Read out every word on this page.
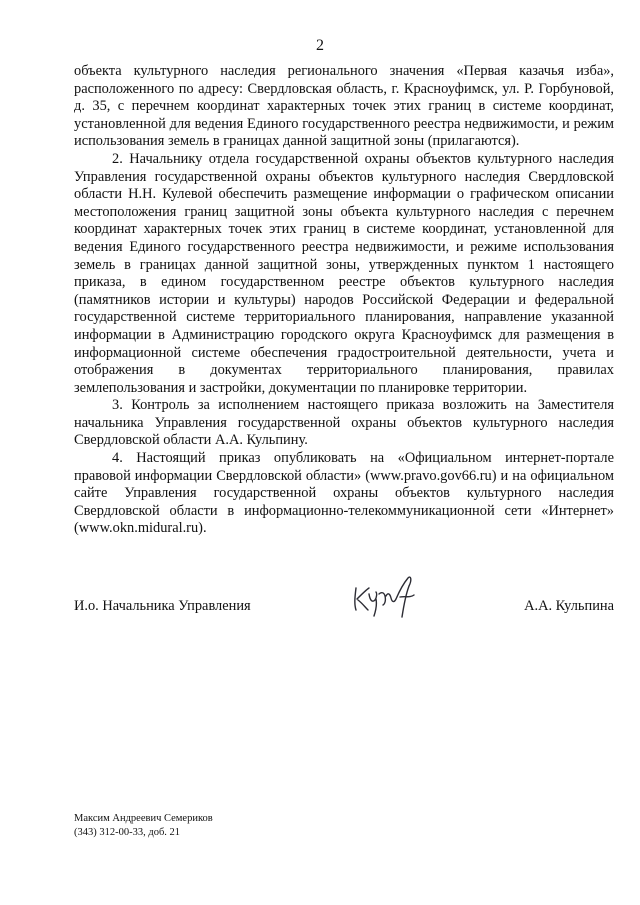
2

объекта культурного наследия регионального значения «Первая казачья изба», расположенного по адресу: Свердловская область, г. Красноуфимск, ул. Р. Горбуновой, д. 35, с перечнем координат характерных точек этих границ в системе координат, установленной для ведения Единого государственного реестра недвижимости, и режим использования земель в границах данной защитной зоны (прилагаются).

2. Начальнику отдела государственной охраны объектов культурного наследия Управления государственной охраны объектов культурного наследия Свердловской области Н.Н. Кулевой обеспечить размещение информации о графическом описании местоположения границ защитной зоны объекта культурного наследия с перечнем координат характерных точек этих границ в системе координат, установленной для ведения Единого государственного реестра недвижимости, и режиме использования земель в границах данной защитной зоны, утвержденных пунктом 1 настоящего приказа, в едином государственном реестре объектов культурного наследия (памятников истории и культуры) народов Российской Федерации и федеральной государственной системе территориального планирования, направление указанной информации в Администрацию городского округа Красноуфимск для размещения в информационной системе обеспечения градостроительной деятельности, учета и отображения в документах территориального планирования, правилах землепользования и застройки, документации по планировке территории.

3. Контроль за исполнением настоящего приказа возложить на Заместителя начальника Управления государственной охраны объектов культурного наследия Свердловской области А.А. Кульпину.

4. Настоящий приказ опубликовать на «Официальном интернет-портале правовой информации Свердловской области» (www.pravo.gov66.ru) и на официальном сайте Управления государственной охраны объектов культурного наследия Свердловской области в информационно-телекоммуникационной сети «Интернет» (www.okn.midural.ru).

И.о. Начальника Управления	А.А. Кульпина
Максим Андреевич Семериков
(343) 312-00-33, доб. 21
